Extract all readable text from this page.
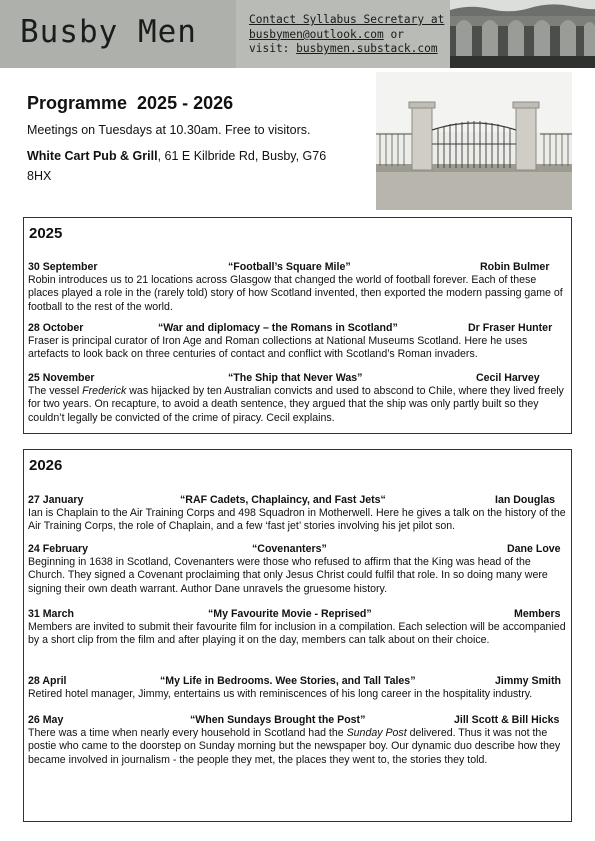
Busby Men	Contact Syllabus Secretary at
busbymen@outlook.com or
visit: busbymen.substack.com
Programme  2025 - 2026
Meetings on Tuesdays at 10.30am. Free to visitors.
White Cart Pub & Grill, 61 E Kilbride Rd, Busby, G76 8HX
2025
30 September	“Football’s Square Mile”	Robin Bulmer
Robin introduces us to 21 locations across Glasgow that changed the world of football forever. Each of these places played a role in the (rarely told) story of how Scotland invented, then exported the modern passing game of football to the rest of the world.
28 October	“War and diplomacy – the Romans in Scotland”	Dr Fraser Hunter
Fraser is principal curator of Iron Age and Roman collections at National Museums Scotland. Here he uses artefacts to look back on three centuries of contact and conflict with Scotland’s Roman invaders.
25 November	“The Ship that Never Was”	Cecil Harvey
The vessel Frederick was hijacked by ten Australian convicts and used to abscond to Chile, where they lived freely for two years. On recapture, to avoid a death sentence, they argued that the ship was only partly built so they couldn’t legally be convicted of the crime of piracy. Cecil explains.
2026
27 January	“RAF Cadets, Chaplaincy, and Fast Jets“	Ian Douglas
Ian is Chaplain to the Air Training Corps and 498 Squadron in Motherwell. Here he gives a talk on the history of the Air Training Corps, the role of Chaplain, and a few ‘fast jet’ stories involving his jet pilot son.
24 February	“Covenanters”	Dane Love
Beginning in 1638 in Scotland, Covenanters were those who refused to affirm that the King was head of the Church. They signed a Covenant proclaiming that only Jesus Christ could fulfil that role. In so doing many were signing their own death warrant. Author Dane unravels the gruesome history.
31 March	“My Favourite Movie - Reprised”	Members
Members are invited to submit their favourite film for inclusion in a compilation. Each selection will be accompanied by a short clip from the film and after playing it on the day, members can talk about on their choice.
28 April	“My Life in Bedrooms. Wee Stories, and Tall Tales”	Jimmy Smith
Retired hotel manager, Jimmy, entertains us with reminiscences of his long career in the hospitality industry.
26 May	“When Sundays Brought the Post”	Jill Scott & Bill Hicks
There was a time when nearly every household in Scotland had the Sunday Post delivered. Thus it was not the postie who came to the doorstep on Sunday morning but the newspaper boy. Our dynamic duo describe how they became involved in journalism - the people they met, the places they went to, the stories they told.
